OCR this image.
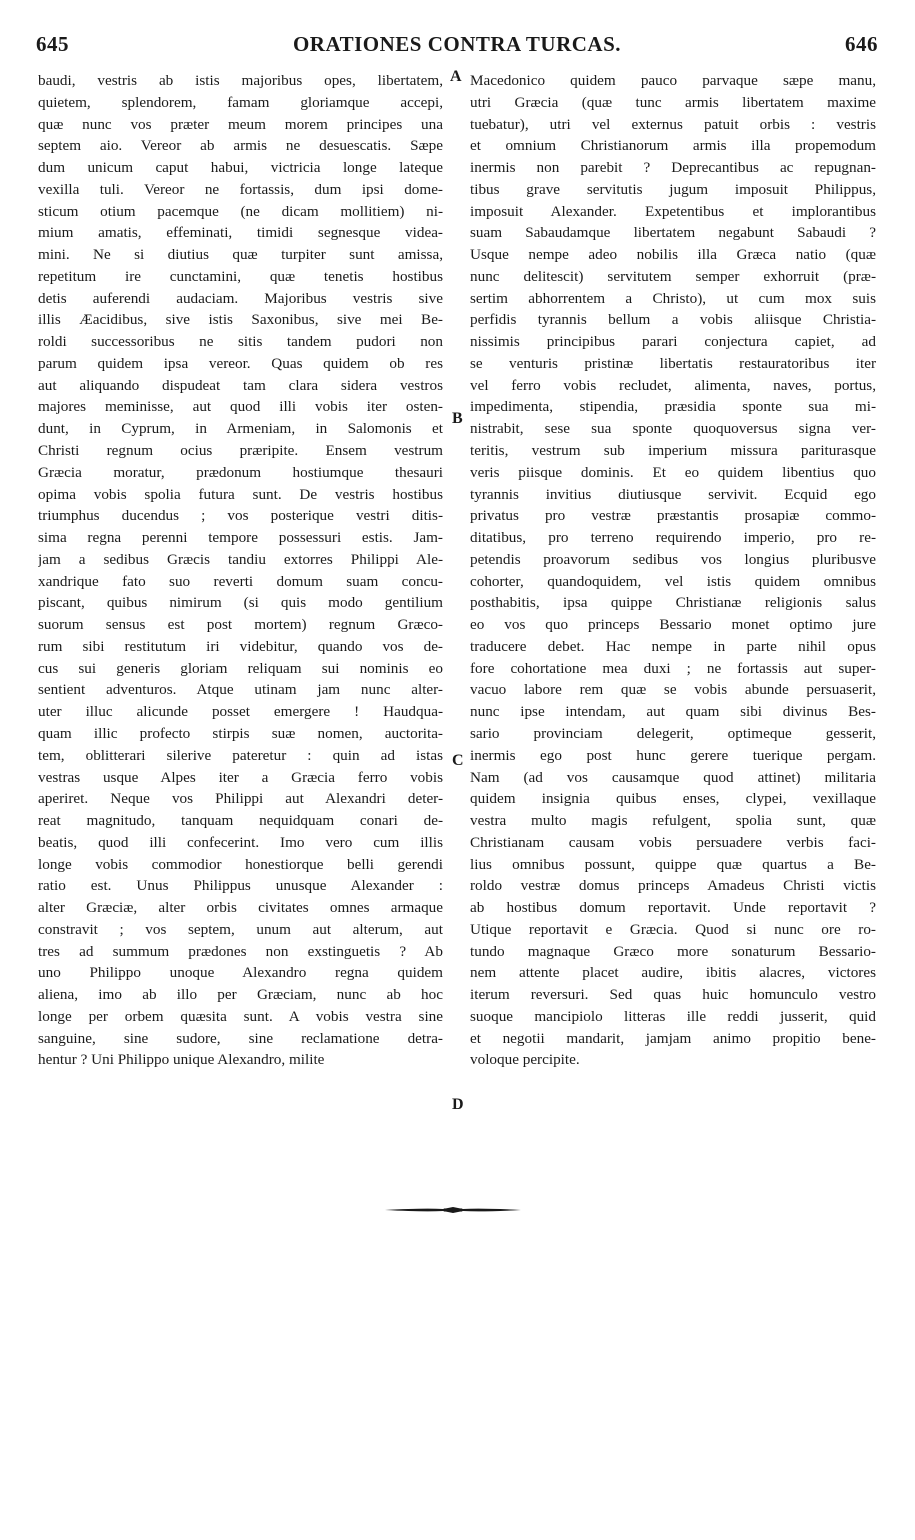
645	ORATIONES CONTRA TURCAS.	646
baudi, vestris ab istis majoribus opes, libertatem,
quietem, splendorem, famam gloriamque accepi,
quæ nunc vos præter meum morem principes una
septem aio. Vereor ab armis ne desuescatis. Sæpe
dum unicum caput habui, victricia longe lateque
vexilla tuli. Vereor ne fortassis, dum ipsi dome-
sticum otium pacemque (ne dicam mollitiem) ni-
mium amatis, effeminati, timidi segnesque videa-
mini. Ne si diutius quæ turpiter sunt amissa,
repetitum ire cunctamini, quæ tenetis hostibus
detis auferendi audaciam. Majoribus vestris sive
illis Æacidibus, sive istis Saxonibus, sive mei Be-
roldi successoribus ne sitis tandem pudori non
parum quidem ipsa vereor. Quas quidem ob res
aut aliquando dispudeat tam clara sidera vestros
majores meminisse, aut quod illi vobis iter osten-
dunt, in Cyprum, in Armeniam, in Salomonis et
Christi regnum ocius præripite. Ensem vestrum
Græcia moratur, prædonum hostiumque thesauri
opima vobis spolia futura sunt. De vestris hostibus
triumphus ducendus ; vos posterique vestri ditis-
sima regna perenni tempore possessuri estis. Jam-
jam a sedibus Græcis tandiu extorres Philippi Ale-
xandrique fato suo reverti domum suam concu-
piscant, quibus nimirum (si quis modo gentilium
suorum sensus est post mortem) regnum Græco-
rum sibi restitutum iri videbitur, quando vos de-
cus sui generis gloriam reliquam sui nominis eo
sentient adventuros. Atque utinam jam nunc alter-
uter illuc alicunde posset emergere ! Haudqua-
quam illic profecto stirpis suæ nomen, auctorita-
tem, oblitterari silerive pateretur : quin ad istas
vestras usque Alpes iter a Græcia ferro vobis
aperiret. Neque vos Philippi aut Alexandri deter-
reat magnitudo, tanquam nequidquam conari de-
beatis, quod illi confecerint. Imo vero cum illis
longe vobis commodior honestiorque belli gerendi
ratio est. Unus Philippus unusque Alexander :
alter Græciæ, alter orbis civitates omnes armaque
constravit ; vos septem, unum aut alterum, aut
tres ad summum prædones non exstinguetis ? Ab
uno Philippo unoque Alexandro regna quidem
aliena, imo ab illo per Græciam, nunc ab hoc
longe per orbem quæsita sunt. A vobis vestra sine
sanguine, sine sudore, sine reclamatione detra-
hentur ? Uni Philippo unique Alexandro, milite
Macedonico quidem pauco parvaque sæpe manu,
utri Græcia (quæ tunc armis libertatem maxime
tuebatur), utri vel externus patuit orbis : vestris
et omnium Christianorum armis illa propemodum
inermis non parebit ? Deprecantibus ac repugnan-
tibus grave servitutis jugum imposuit Philippus,
imposuit Alexander. Expetentibus et implorantibus
suam Sabaudamque libertatem negabunt Sabaudi ?
Usque nempe adeo nobilis illa Græca natio (quæ
nunc delitescit) servitutem semper exhorruit (præ-
sertim abhorrentem a Christo), ut cum mox suis
perfidis tyrannis bellum a vobis aliisque Christia-
nissimis principibus parari conjectura capiet, ad
se venturis pristinæ libertatis restauratoribus iter
vel ferro vobis recludet, alimenta, naves, portus,
impedimenta, stipendia, præsidia sponte sua mi-
nistrabit, sese sua sponte quoquoversus signa ver-
teritis, vestrum sub imperium missura pariturasque
veris piisque dominis. Et eo quidem libentius quo
tyrannis invitius diutiusque servivit. Ecquid ego
privatus pro vestræ præstantis prosapiæ commo-
ditatibus, pro terreno requirendo imperio, pro re-
petendis proavorum sedibus vos longius pluribusve
cohorter, quandoquidem, vel istis quidem omnibus
posthabitis, ipsa quippe Christianæ religionis salus
eo vos quo princeps Bessario monet optimo jure
traducere debet. Hac nempe in parte nihil opus
fore cohortatione mea duxi ; ne fortassis aut super-
vacuo labore rem quæ se vobis abunde persuaserit,
nunc ipse intendam, aut quam sibi divinus Bes-
sario provinciam delegerit, optimeque gesserit,
inermis ego post hunc gerere tuerique pergam.
Nam (ad vos causamque quod attinet) militaria
quidem insignia quibus enses, clypei, vexillaque
vestra multo magis refulgent, spolia sunt, quæ
Christianam causam vobis persuadere verbis faci-
lius omnibus possunt, quippe quæ quartus a Be-
roldo vestræ domus princeps Amadeus Christi victis
ab hostibus domum reportavit. Unde reportavit ?
Utique reportavit e Græcia. Quod si nunc ore ro-
tundo magnaque Græco more sonaturum Bessario-
nem attente placet audire, ibitis alacres, victores
iterum reversuri. Sed quas huic homunculo vestro
suoque mancipiolo litteras ille reddi jusserit, quid
et negotii mandarit, jamjam animo propitio bene-
voloque percipite.
A
B
C
D
